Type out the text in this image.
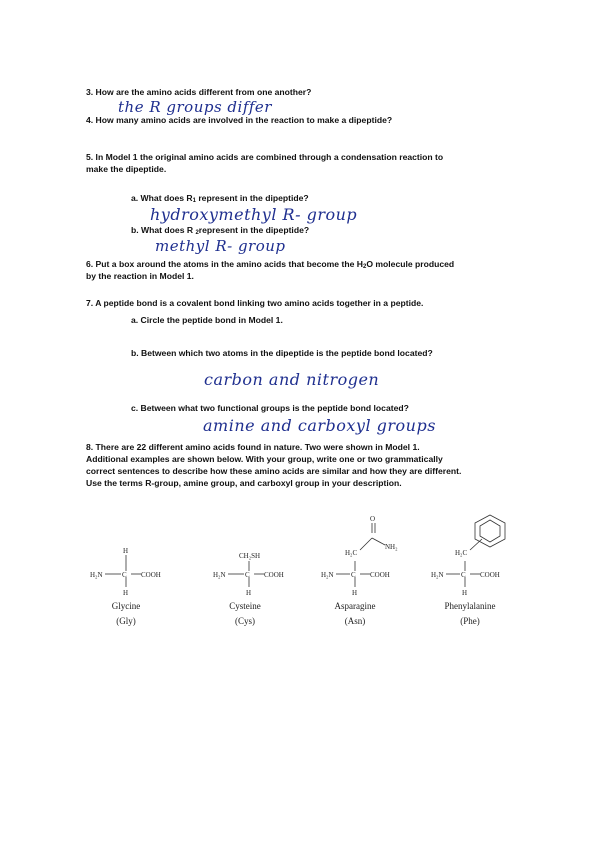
3. How are the amino acids different from one another?

the R groups differ

4. How many amino acids are involved in the reaction to make a dipeptide?

5. In Model 1 the original amino acids are combined through a condensation reaction to

make the dipeptide.

a. What does R1 represent in the dipeptide?

hydroxymethyl R- group

b. What does R 2represent in the dipeptide?

methyl R- group

6. Put a box around the atoms in the amino acids that become the H2O molecule produced

by the reaction in Model 1.

7. A peptide bond is a covalent bond linking two amino acids together in a peptide.

a. Circle the peptide bond in Model 1.

b. Between which two atoms in the dipeptide is the peptide bond located?

carbon and nitrogen

c. Between what two functional groups is the peptide bond located?

amine and carboxyl groups

8. There are 22 different amino acids found in nature. Two were shown in Model 1.

Additional examples are shown below. With your group, write one or two grammatically

correct sentences to describe how these amino acids are similar and how they are different.

Use the terms R-group, amine group, and carboxyl group in your description.

H
H₂N	C COOH
H
CH₂SH
H₂N	C COOH
H
H₂C
NH₂
O
H₂N C COOH
H
H₂C
H₂N C COOH
H
Glycine
(Gly)
Cysteine
(Cys)
Asparagine
(Asn)
Phenylalanine
(Phe)
